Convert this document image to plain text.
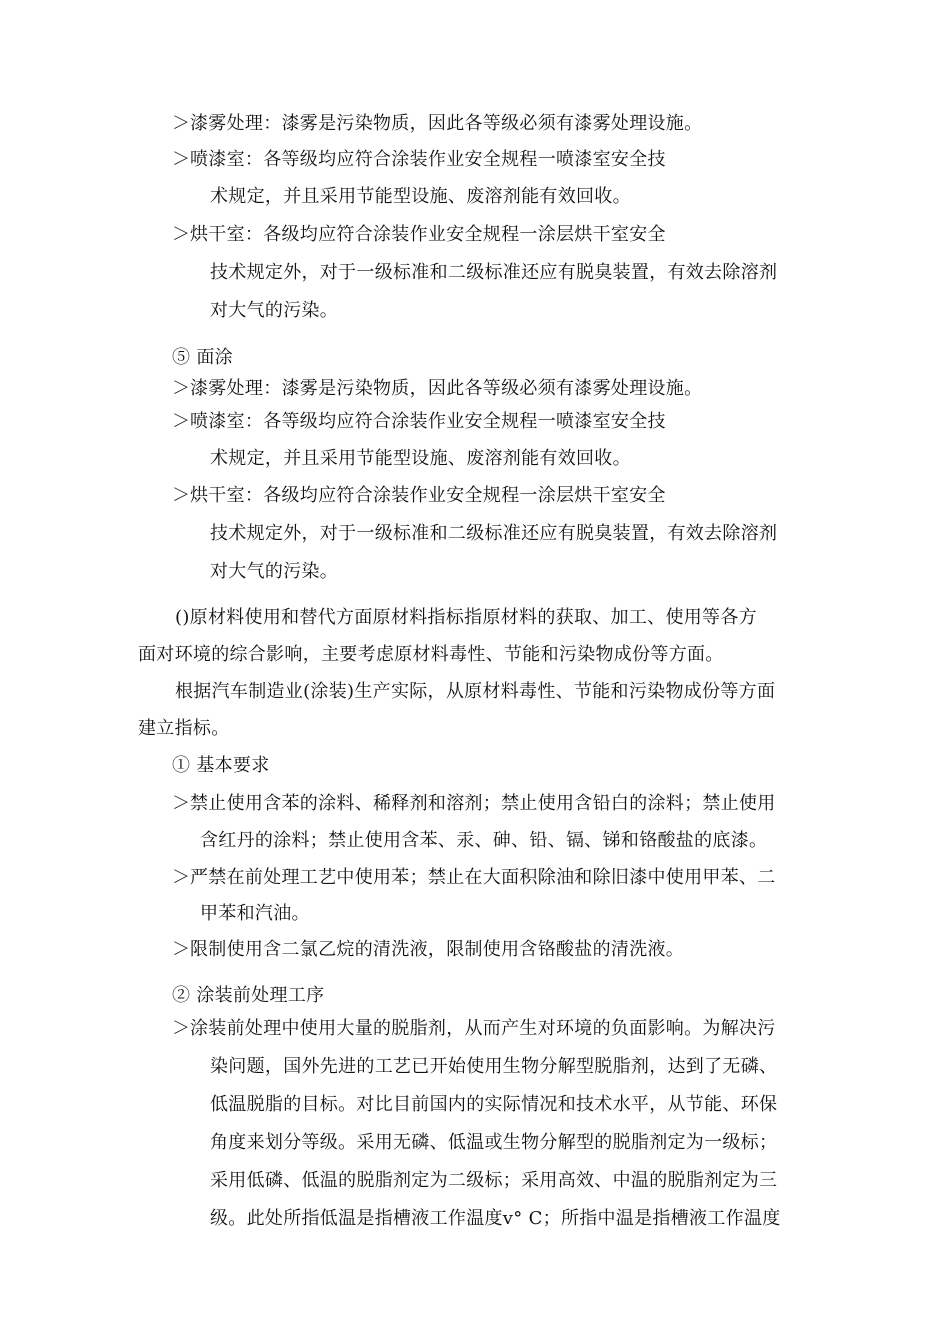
＞漆雾处理：漆雾是污染物质，因此各等级必须有漆雾处理设施。
＞喷漆室：各等级均应符合涂装作业安全规程一喷漆室安全技
术规定，并且采用节能型设施、废溶剂能有效回收。
＞烘干室：各级均应符合涂装作业安全规程一涂层烘干室安全
技术规定外，对于一级标准和二级标准还应有脱臭装置，有效去除溶剂
对大气的污染。
⑤ 面涂
＞漆雾处理：漆雾是污染物质，因此各等级必须有漆雾处理设施。
＞喷漆室：各等级均应符合涂装作业安全规程一喷漆室安全技
术规定，并且采用节能型设施、废溶剂能有效回收。
＞烘干室：各级均应符合涂装作业安全规程一涂层烘干室安全
技术规定外，对于一级标准和二级标准还应有脱臭装置，有效去除溶剂
对大气的污染。
()原材料使用和替代方面原材料指标指原材料的获取、加工、使用等各方
面对环境的综合影响，主要考虑原材料毒性、节能和污染物成份等方面。
根据汽车制造业(涂装)生产实际，从原材料毒性、节能和污染物成份等方面
建立指标。
① 基本要求
＞禁止使用含苯的涂料、稀释剂和溶剂；禁止使用含铅白的涂料；禁止使用
含红丹的涂料；禁止使用含苯、汞、砷、铅、镉、锑和铬酸盐的底漆。
＞严禁在前处理工艺中使用苯；禁止在大面积除油和除旧漆中使用甲苯、二
甲苯和汽油。
＞限制使用含二氯乙烷的清洗液，限制使用含铬酸盐的清洗液。
② 涂装前处理工序
＞涂装前处理中使用大量的脱脂剂，从而产生对环境的负面影响。为解决污
染问题，国外先进的工艺已开始使用生物分解型脱脂剂，达到了无磷、
低温脱脂的目标。对比目前国内的实际情况和技术水平，从节能、环保
角度来划分等级。采用无磷、低温或生物分解型的脱脂剂定为一级标；
采用低磷、低温的脱脂剂定为二级标；采用高效、中温的脱脂剂定为三
级。此处所指低温是指槽液工作温度v° C；所指中温是指槽液工作温度
